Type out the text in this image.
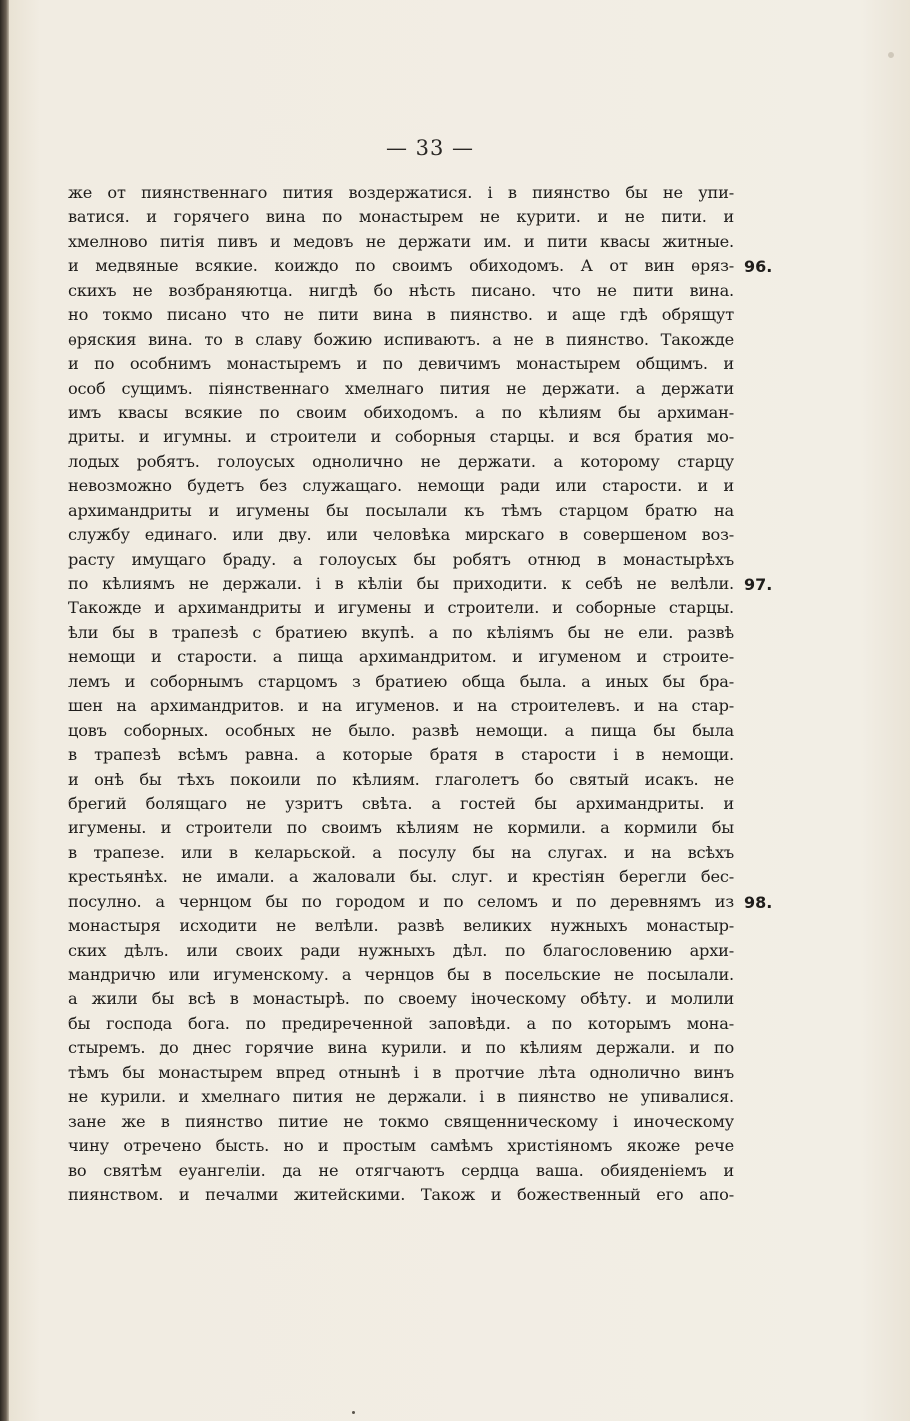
— 33 —
же от пиянственнаго пития воздержатися. і в пиянство бы не упи-
ватися. и горячего вина по монастырем не курити. и не пити. и
хмелново питія пивъ и медовъ не держати им. и пити квасы житные.
и медвяные всякие. коиждо по своимъ обиходомъ. А от вин ѳряз-
скихъ не возбраняютца. нигдѣ бо нѣсть писано. что не пити вина.
но токмо писано что не пити вина в пиянство. и аще гдѣ обрящут
ѳряския вина. то в славу божию испиваютъ. а не в пиянство. Такожде
и по особнимъ монастыремъ и по девичимъ монастырем общимъ. и
особ сущимъ. піянственнаго хмелнаго пития не держати. а держати
имъ квасы всякие по своим обиходомъ. а по кѣлиям бы архиман-
дриты. и игумны. и строители и соборныя старцы. и вся братия мо-
лодых робятъ. голоусых однолично не держати. а которому старцу
невозможно будетъ без служащаго. немощи ради или старости. и и
архимандриты и игумены бы посылали къ тѣмъ старцом братю на
службу единаго. или дву. или человѣка мирскаго в совершеном воз-
расту имущаго браду. а голоусых бы робятъ отнюд в монастырѣхъ
по кѣлиямъ не держали. і в кѣліи бы приходити. к себѣ не велѣли.
Такожде и архимандриты и игумены и строители. и соборные старцы.
ѣли бы в трапезѣ с братиею вкупѣ. а по кѣліямъ бы не ели. развѣ
немощи и старости. а пища архимандритом. и игуменом и строите-
лемъ и соборнымъ старцомъ з братиею обща была. а иных бы бра-
шен на архимандритов. и на игуменов. и на строителевъ. и на стар-
цовъ соборных. особных не было. развѣ немощи. а пища бы была
в трапезѣ всѣмъ равна. а которые братя в старости і в немощи.
и онѣ бы тѣхъ покоили по кѣлиям. глаголетъ бо святый исакъ. не
брегий болящаго не узритъ свѣта. а гостей бы архимандриты. и
игумены. и строители по своимъ кѣлиям не кормили. а кормили бы
в трапезе. или в келарьской. а посулу бы на слугах. и на всѣхъ
крестьянѣх. не имали. а жаловали бы. слуг. и крестіян берегли бес-
посулно. а чернцом бы по городом и по селомъ и по деревнямъ из
монастыря исходити не велѣли. развѣ великих нужныхъ монастыр-
ских дѣлъ. или своих ради нужныхъ дѣл. по благословению архи-
мандричю или игуменскому. а чернцов бы в посельские не посылали.
а жили бы всѣ в монастырѣ. по своему іноческому обѣту. и молили
бы господа бога. по предиреченной заповѣди. а по которымъ мона-
стыремъ. до днес горячие вина курили. и по кѣлиям держали. и по
тѣмъ бы монастырем впред отнынѣ і в протчие лѣта однолично винъ
не курили. и хмелнаго пития не держали. і в пиянство не упивалися.
зане же в пиянство питие не токмо священническому і иноческому
чину отречено бысть. но и простым самѣмъ христіяномъ якоже рече
во святѣм еуангеліи. да не отягчаютъ сердца ваша. обияденіемъ и
пиянством. и печалми житейскими. Також и божественный его апо-
96.
97.
98.
